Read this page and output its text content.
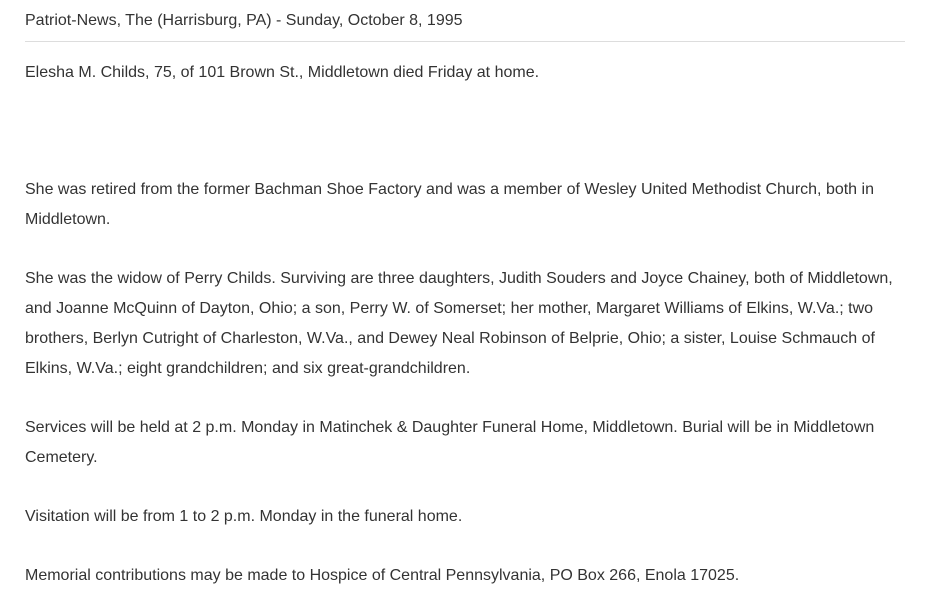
Patriot-News, The (Harrisburg, PA) - Sunday, October 8, 1995

Elesha M. Childs, 75, of 101 Brown St., Middletown died Friday at home.

She was retired from the former Bachman Shoe Factory and was a member of Wesley United Methodist Church, both in Middletown.

She was the widow of Perry Childs. Surviving are three daughters, Judith Souders and Joyce Chainey, both of Middletown, and Joanne McQuinn of Dayton, Ohio; a son, Perry W. of Somerset; her mother, Margaret Williams of Elkins, W.Va.; two brothers, Berlyn Cutright of Charleston, W.Va., and Dewey Neal Robinson of Belprie, Ohio; a sister, Louise Schmauch of Elkins, W.Va.; eight grandchildren; and six great-grandchildren.

Services will be held at 2 p.m. Monday in Matinchek & Daughter Funeral Home, Middletown. Burial will be in Middletown Cemetery.

Visitation will be from 1 to 2 p.m. Monday in the funeral home.

Memorial contributions may be made to Hospice of Central Pennsylvania, PO Box 266, Enola 17025.
